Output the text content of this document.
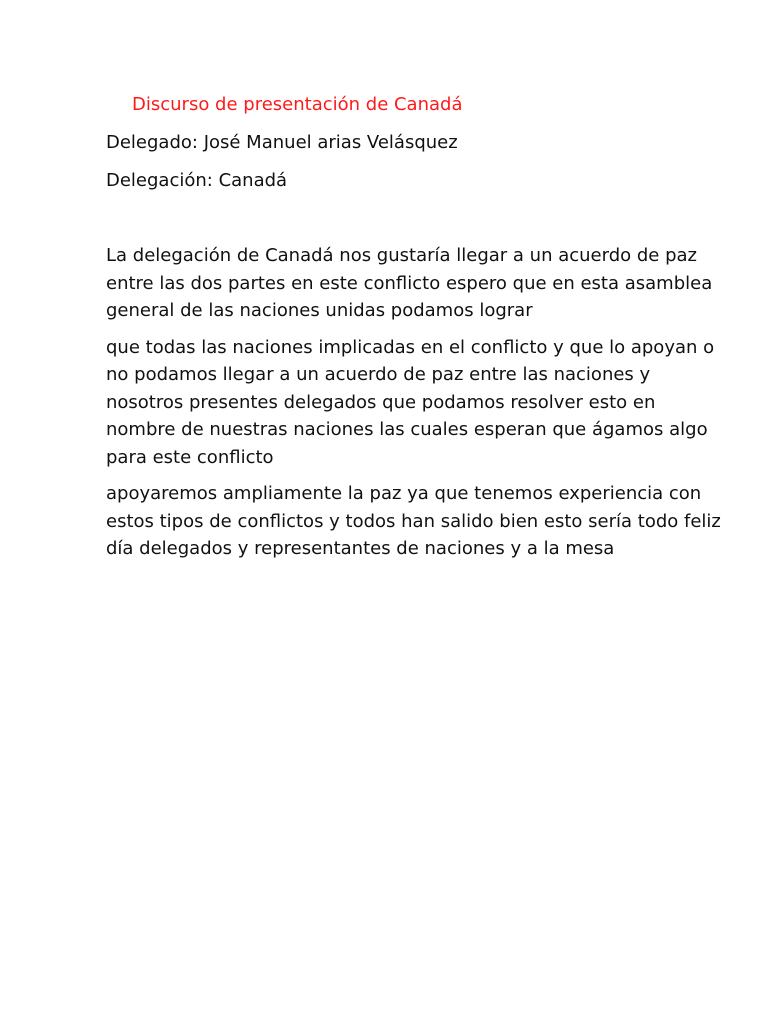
Discurso de presentación de Canadá
Delegado: José Manuel arias Velásquez
Delegación: Canadá

La delegación de Canadá nos gustaría llegar a un acuerdo de paz
entre las dos partes en este conflicto espero que en esta asamblea
general de las naciones unidas podamos lograr

que todas las naciones implicadas en el conflicto y que lo apoyan o
no podamos llegar a un acuerdo de paz entre las naciones y
nosotros presentes delegados que podamos resolver esto en
nombre de nuestras naciones las cuales esperan que ágamos algo
para este conflicto

apoyaremos ampliamente la paz ya que tenemos experiencia con
estos tipos de conflictos y todos han salido bien esto sería todo feliz
día delegados y representantes de naciones y a la mesa
